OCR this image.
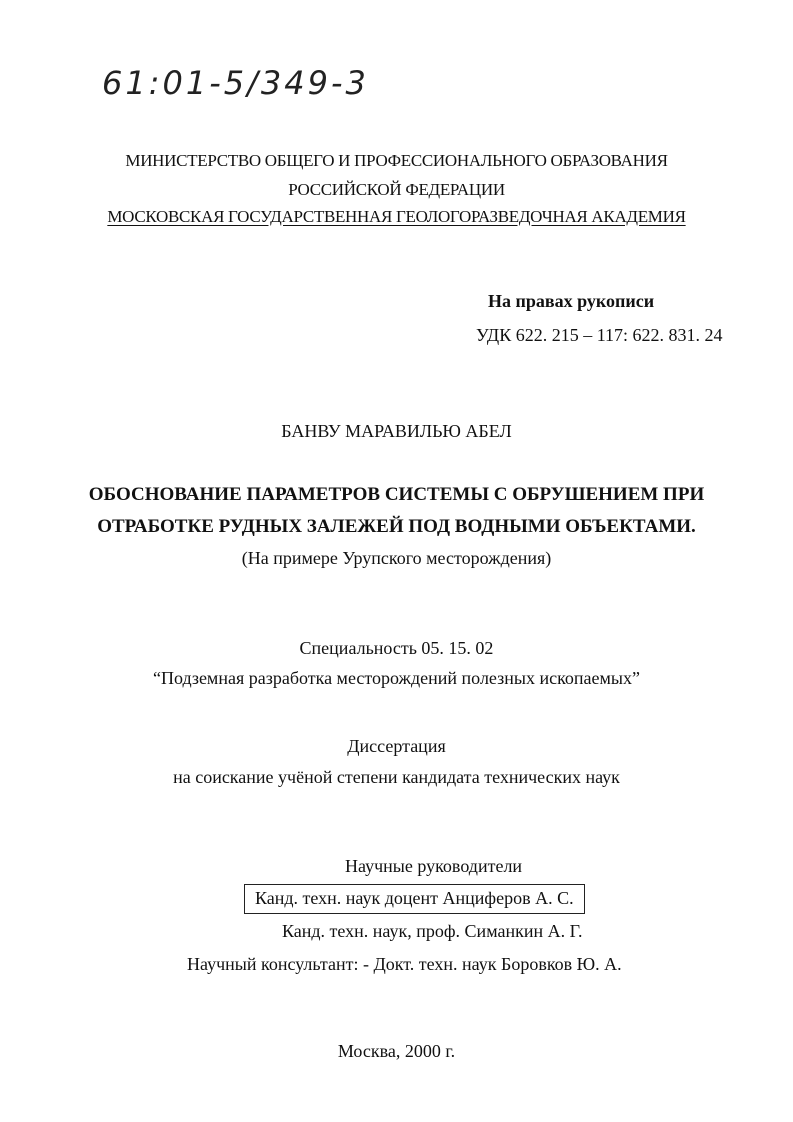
61:01-5/349-3
МИНИСТЕРСТВО ОБЩЕГО И ПРОФЕССИОНАЛЬНОГО ОБРАЗОВАНИЯ
РОССИЙСКОЙ ФЕДЕРАЦИИ
МОСКОВСКАЯ ГОСУДАРСТВЕННАЯ ГЕОЛОГОРАЗВЕДОЧНАЯ АКАДЕМИЯ
На правах рукописи
УДК 622. 215 – 117: 622. 831. 24
БАНВУ МАРАВИЛЬЮ АБЕЛ
ОБОСНОВАНИЕ ПАРАМЕТРОВ СИСТЕМЫ С ОБРУШЕНИЕМ ПРИ
ОТРАБОТКЕ РУДНЫХ ЗАЛЕЖЕЙ ПОД ВОДНЫМИ ОБЪЕКТАМИ.
(На примере Урупского месторождения)
Специальность 05. 15. 02
“Подземная разработка месторождений полезных ископаемых”
Диссертация
на соискание учёной степени кандидата технических наук
Научные руководители
Канд. техн. наук доцент Анциферов А. С.
Канд. техн. наук, проф. Симанкин А. Г.
Научный консультант: - Докт. техн. наук Боровков Ю. А.
Москва, 2000 г.
